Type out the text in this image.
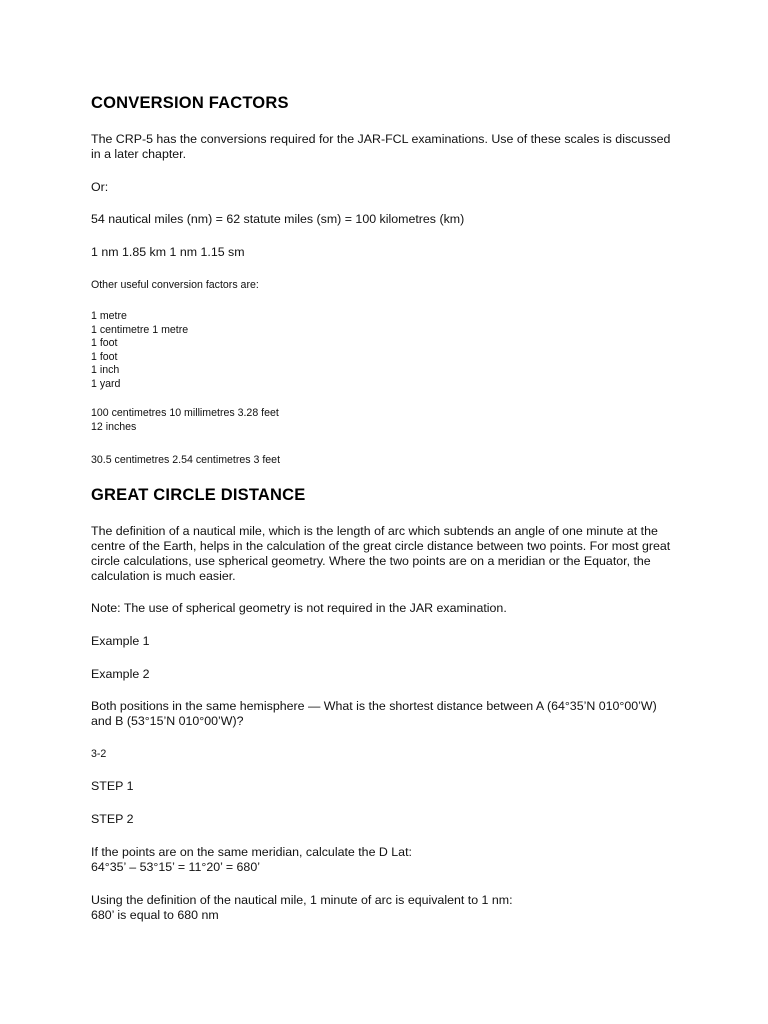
CONVERSION FACTORS

The CRP-5 has the conversions required for the JAR-FCL examinations. Use of these scales is discussed
in a later chapter.

Or:

54 nautical miles (nm) = 62 statute miles (sm) = 100 kilometres (km)

1 nm 1.85 km 1 nm 1.15 sm

Other useful conversion factors are:

1 metre
1 centimetre 1 metre
1 foot
1 foot
1 inch
1 yard
100 centimetres 10 millimetres 3.28 feet
12 inches

30.5 centimetres 2.54 centimetres 3 feet

GREAT CIRCLE DISTANCE

The definition of a nautical mile, which is the length of arc which subtends an angle of one minute at the
centre of the Earth, helps in the calculation of the great circle distance between two points. For most great
circle calculations, use spherical geometry. Where the two points are on a meridian or the Equator, the
calculation is much easier.

Note: The use of spherical geometry is not required in the JAR examination.

Example 1

Example 2

Both positions in the same hemisphere — What is the shortest distance between A (64°35’N 010°00’W)
and B (53°15’N 010°00’W)?

3-2

STEP 1

STEP 2

If the points are on the same meridian, calculate the D Lat:
64°35’ – 53°15’ = 11°20’ = 680’

Using the definition of the nautical mile, 1 minute of arc is equivalent to 1 nm:
680’ is equal to 680 nm
